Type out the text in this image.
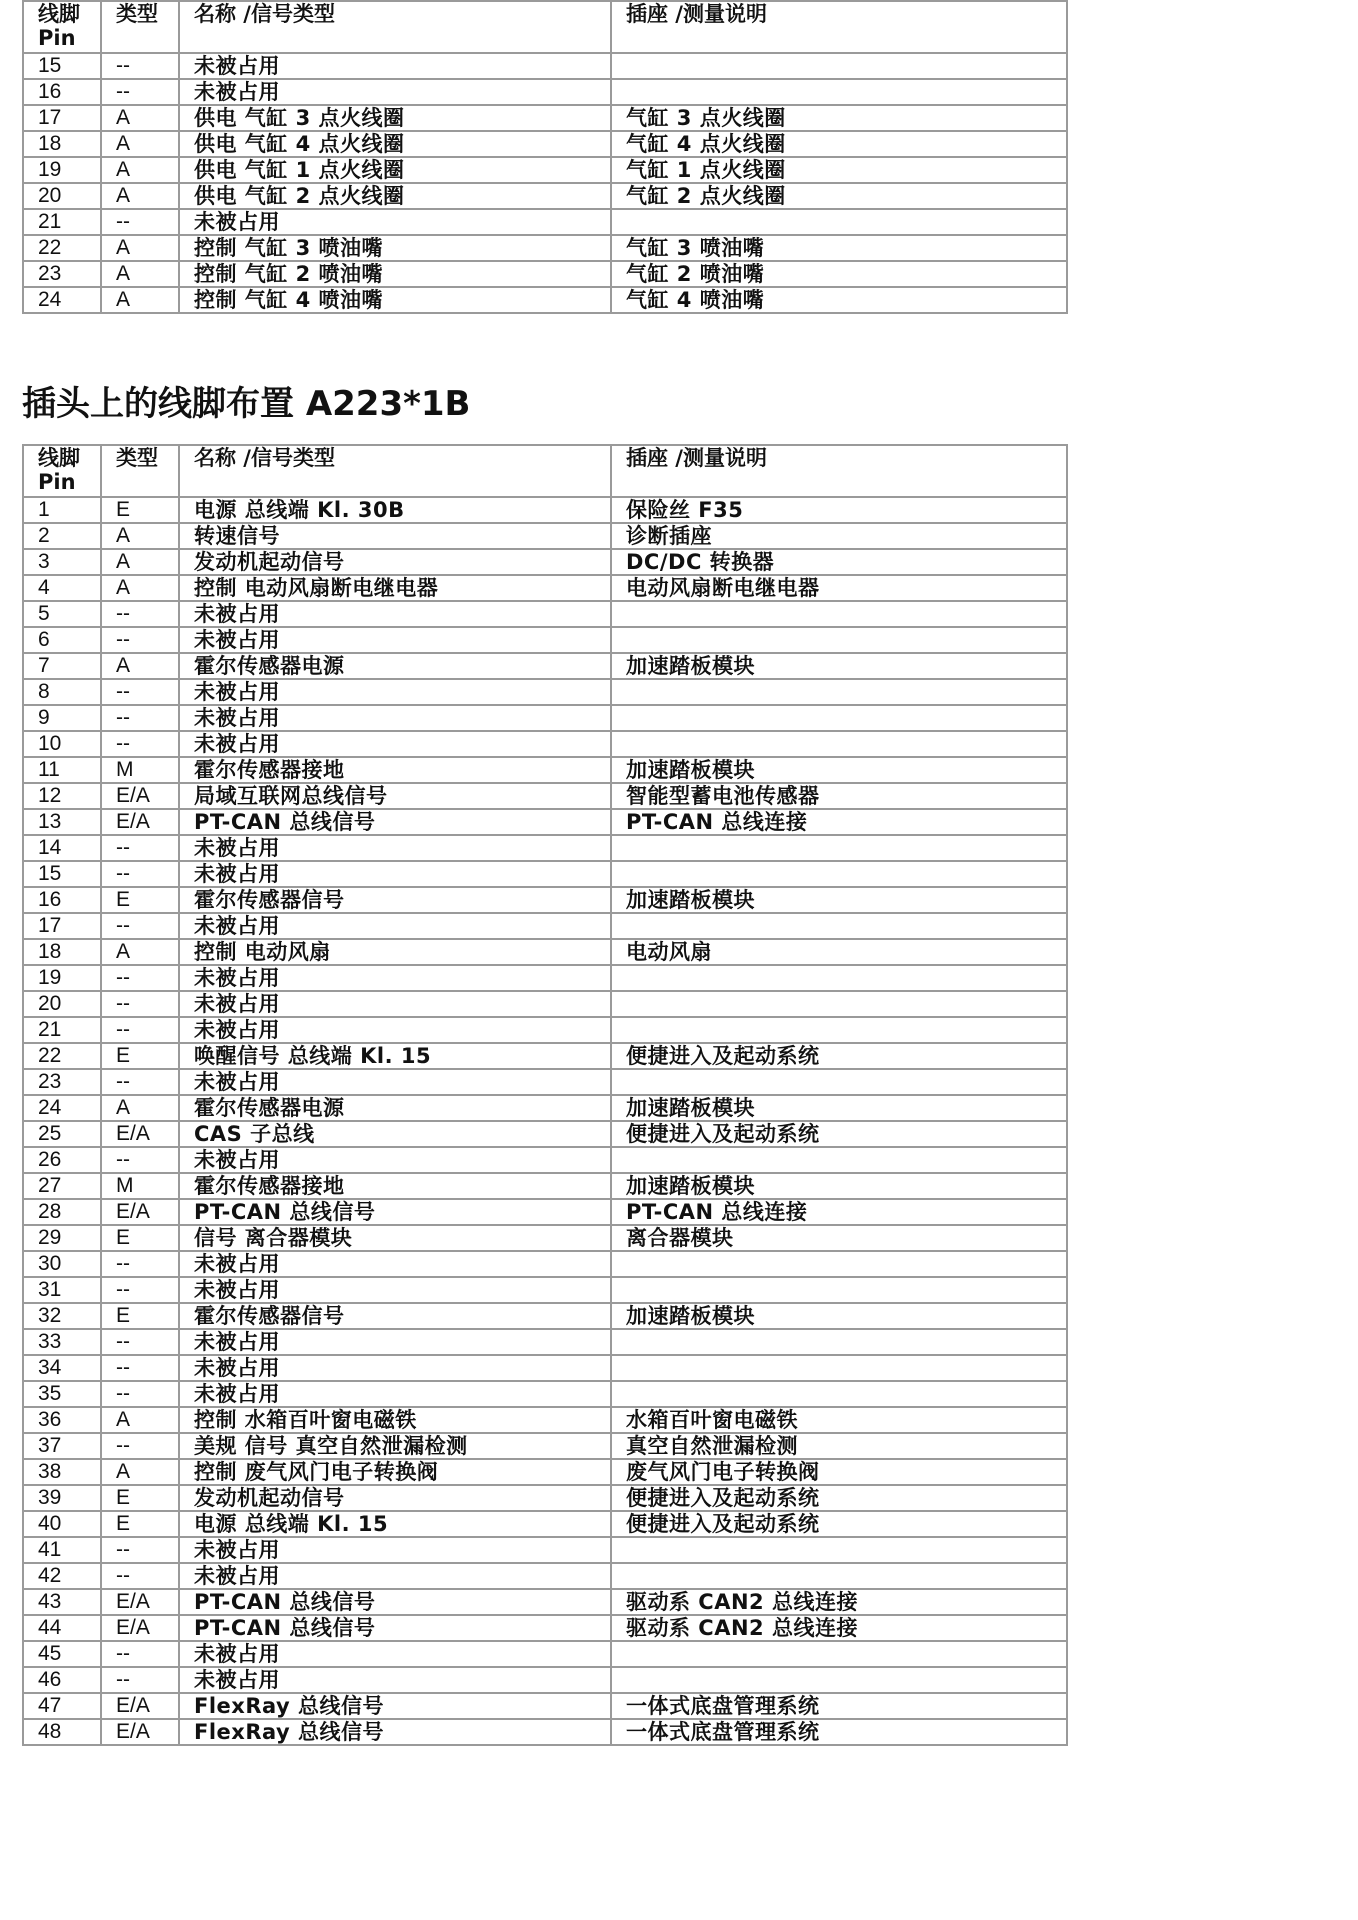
线脚
Pin	类型	名称 /信号类型	插座 /测量说明
15	--	未被占用	
16	--	未被占用	
17	A	供电 气缸 3 点火线圈	气缸 3 点火线圈
18	A	供电 气缸 4 点火线圈	气缸 4 点火线圈
19	A	供电 气缸 1 点火线圈	气缸 1 点火线圈
20	A	供电 气缸 2 点火线圈	气缸 2 点火线圈
21	--	未被占用	
22	A	控制 气缸 3 喷油嘴	气缸 3 喷油嘴
23	A	控制 气缸 2 喷油嘴	气缸 2 喷油嘴
24	A	控制 气缸 4 喷油嘴	气缸 4 喷油嘴
插头上的线脚布置 A223*1B
线脚
Pin	类型	名称 /信号类型	插座 /测量说明
1	E	电源 总线端 Kl. 30B	保险丝 F35
2	A	转速信号	诊断插座
3	A	发动机起动信号	DC/DC 转换器
4	A	控制 电动风扇断电继电器	电动风扇断电继电器
5	--	未被占用	
6	--	未被占用	
7	A	霍尔传感器电源	加速踏板模块
8	--	未被占用	
9	--	未被占用	
10	--	未被占用	
11	M	霍尔传感器接地	加速踏板模块
12	E/A	局域互联网总线信号	智能型蓄电池传感器
13	E/A	PT-CAN 总线信号	PT-CAN 总线连接
14	--	未被占用	
15	--	未被占用	
16	E	霍尔传感器信号	加速踏板模块
17	--	未被占用	
18	A	控制 电动风扇	电动风扇
19	--	未被占用	
20	--	未被占用	
21	--	未被占用	
22	E	唤醒信号 总线端 Kl. 15	便捷进入及起动系统
23	--	未被占用	
24	A	霍尔传感器电源	加速踏板模块
25	E/A	CAS 子总线	便捷进入及起动系统
26	--	未被占用	
27	M	霍尔传感器接地	加速踏板模块
28	E/A	PT-CAN 总线信号	PT-CAN 总线连接
29	E	信号 离合器模块	离合器模块
30	--	未被占用	
31	--	未被占用	
32	E	霍尔传感器信号	加速踏板模块
33	--	未被占用	
34	--	未被占用	
35	--	未被占用	
36	A	控制 水箱百叶窗电磁铁	水箱百叶窗电磁铁
37	--	美规 信号 真空自然泄漏检测	真空自然泄漏检测
38	A	控制 废气风门电子转换阀	废气风门电子转换阀
39	E	发动机起动信号	便捷进入及起动系统
40	E	电源 总线端 Kl. 15	便捷进入及起动系统
41	--	未被占用	
42	--	未被占用	
43	E/A	PT-CAN 总线信号	驱动系 CAN2 总线连接
44	E/A	PT-CAN 总线信号	驱动系 CAN2 总线连接
45	--	未被占用	
46	--	未被占用	
47	E/A	FlexRay 总线信号	一体式底盘管理系统
48	E/A	FlexRay 总线信号	一体式底盘管理系统
